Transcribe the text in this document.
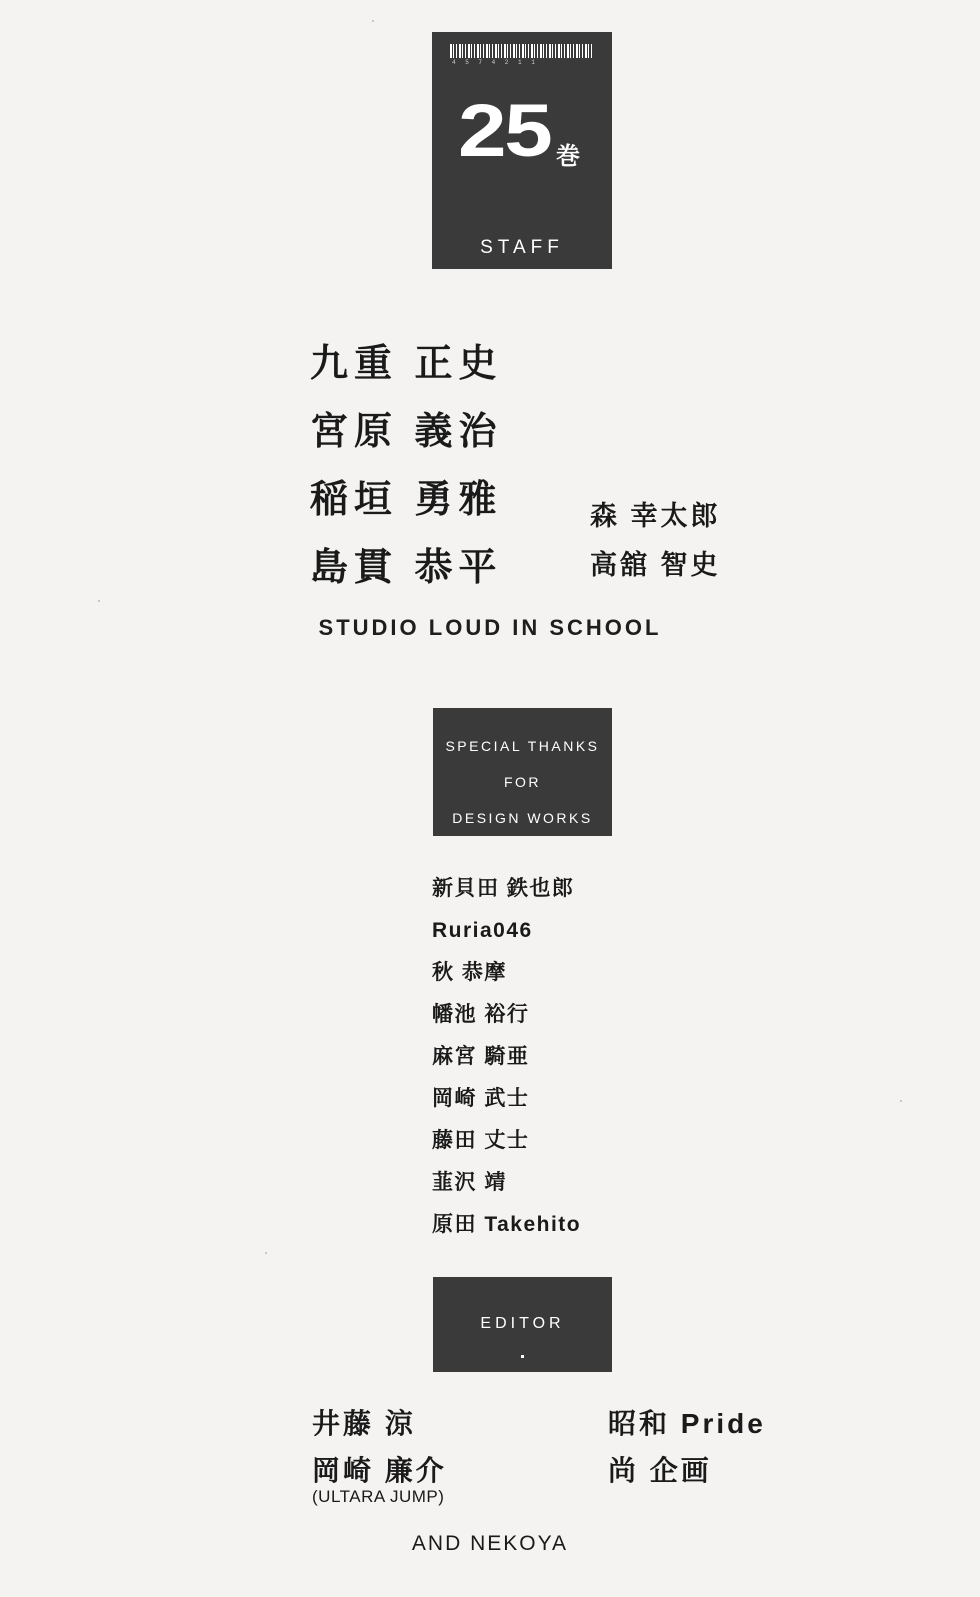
4 5 7 4 2 1 1
25 巻
STAFF
九重 正史
宮原 義治
稲垣 勇雅
島貫 恭平
森 幸太郎
高舘 智史
STUDIO LOUD IN SCHOOL
SPECIAL THANKS
FOR
DESIGN WORKS
新貝田 鉄也郎
Ruria046
秋 恭摩
幡池 裕行
麻宮 騎亜
岡崎 武士
藤田 丈士
韮沢 靖
原田 Takehito
EDITOR
井藤 涼
岡崎 廉介
昭和 Pride
尚 企画
(ULTARA JUMP)
AND NEKOYA
